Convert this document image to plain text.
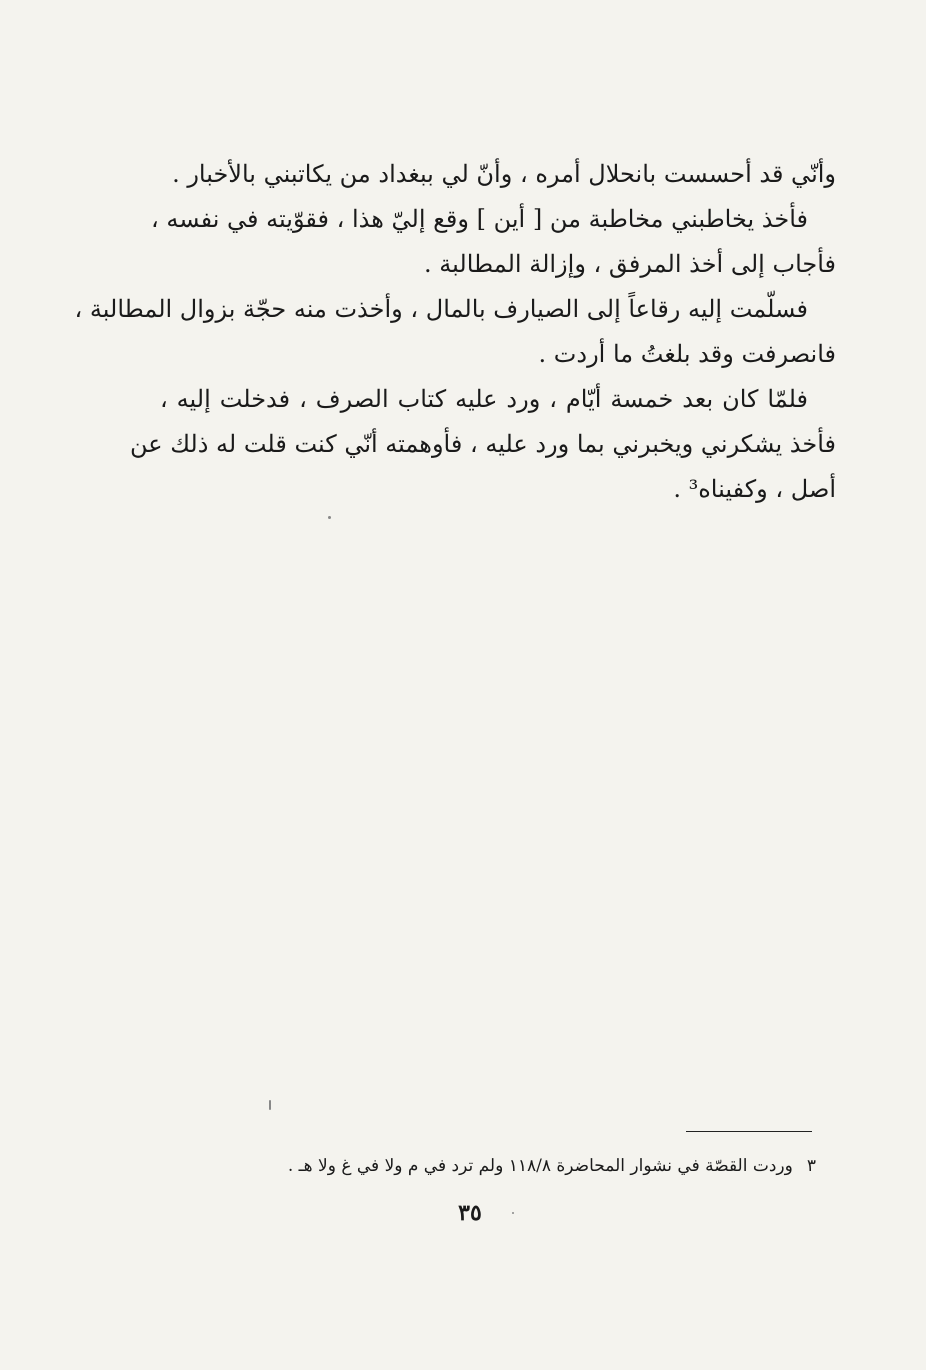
وأنّي قد أحسست بانحلال أمره ، وأنّ لي ببغداد من يكاتبني بالأخبار .
فأخذ يخاطبني مخاطبة من [ أين ] وقع إليّ هذا ، فقوّيته في نفسه ،
فأجاب إلى أخذ المرفق ، وإزالة المطالبة .
فسلّمت إليه رقاعاً إلى الصيارف بالمال ، وأخذت منه حجّة بزوال المطالبة ،
فانصرفت وقد بلغتُ ما أردت .
فلمّا كان بعد خمسة أيّام ، ورد عليه كتاب الصرف ، فدخلت إليه ،
فأخذ يشكرني ويخبرني بما ورد عليه ، فأوهمته أنّي كنت قلت له ذلك عن
أصل ، وكفيناه³ .
٣وردت القصّة في نشوار المحاضرة ١١٨/٨ ولم ترد في م ولا في غ ولا هـ .
٣٥
